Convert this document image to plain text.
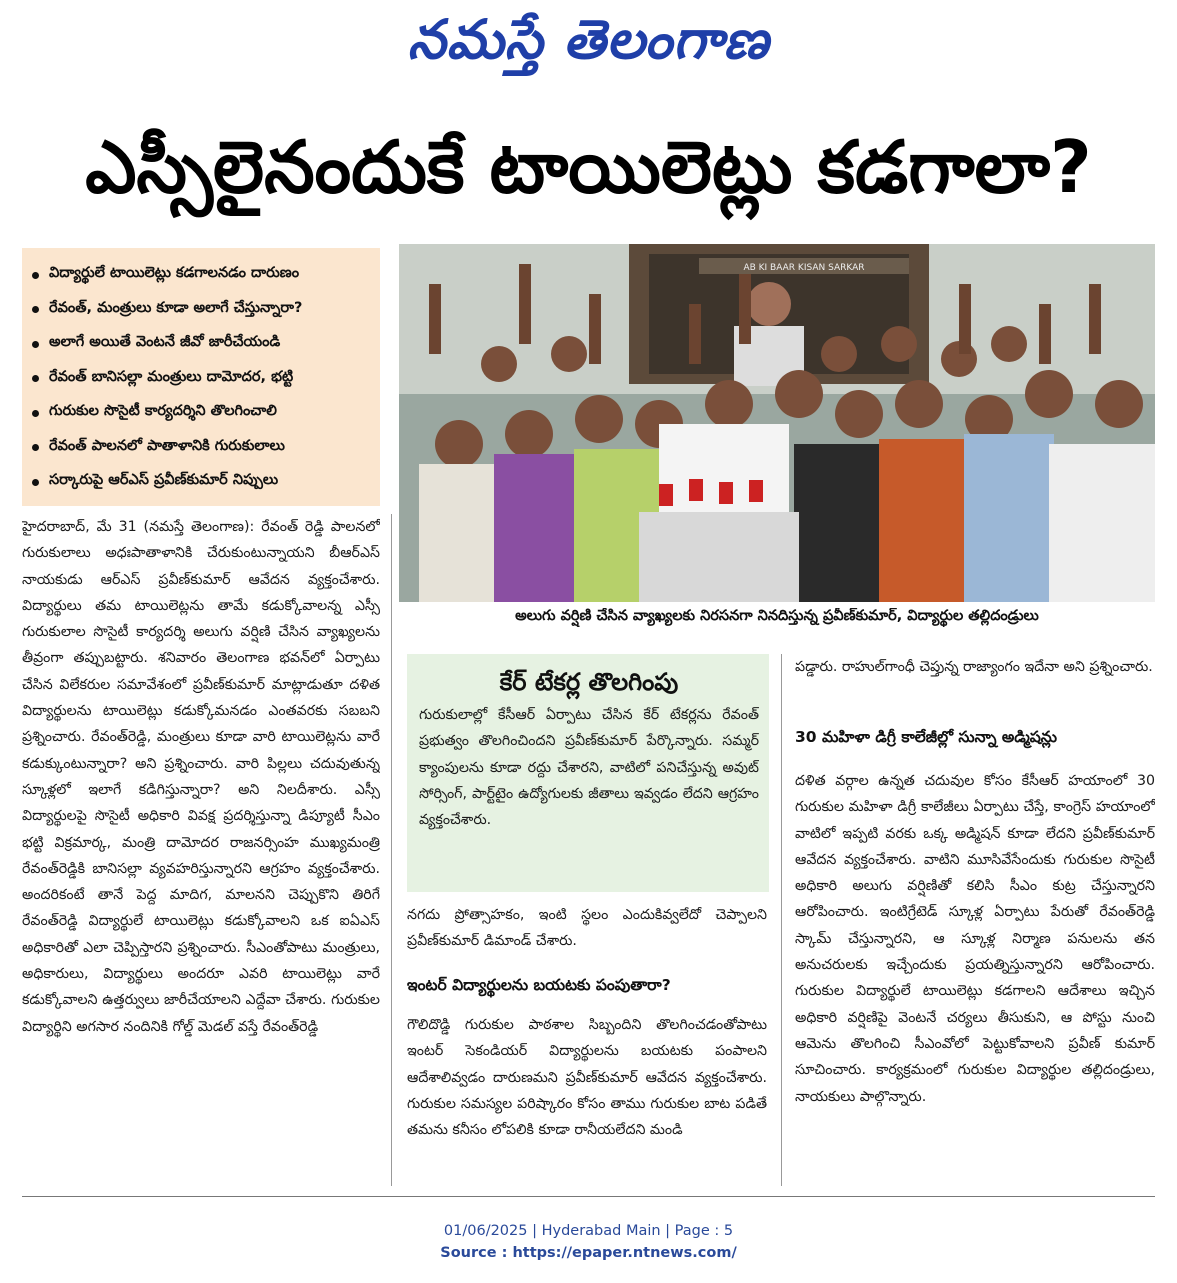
నమస్తే తెలంగాణ
ఎస్సీలైనందుకే టాయిలెట్లు కడగాలా?
విద్యార్థులే టాయిలెట్లు కడగాలనడం దారుణం
రేవంత్, మంత్రులు కూడా అలాగే చేస్తున్నారా?
అలాగే అయితే వెంటనే జీవో జారీచేయండి
రేవంత్ బానిసల్లా మంత్రులు దామోదర, భట్టి
గురుకుల సొసైటీ కార్యదర్శిని తొలగించాలి
రేవంత్ పాలనలో పాతాళానికి గురుకులాలు
సర్కారుపై ఆర్ఎస్ ప్రవీణ్‌కుమార్ నిప్పులు
AB KI BAAR KISAN SARKAR
అలుగు వర్షిణి చేసిన వ్యాఖ్యలకు నిరసనగా నినదిస్తున్న ప్రవీణ్‌కుమార్, విద్యార్థుల తల్లిదండ్రులు
హైదరాబాద్, మే 31 (నమస్తే తెలంగాణ): రేవంత్ రెడ్డి పాలనలో గురుకులాలు అధఃపాతాళానికి చేరుకుంటున్నాయని బీఆర్ఎస్ నాయకుడు ఆర్ఎస్ ప్రవీణ్‌కుమార్ ఆవేదన వ్యక్తంచేశారు. విద్యార్థులు తమ టాయిలెట్లను తామే కడుక్కోవాలన్న ఎస్సీ గురుకులాల సొసైటీ కార్యదర్శి అలుగు వర్షిణి చేసిన వ్యాఖ్యలను తీవ్రంగా తప్పుబట్టారు. శనివారం తెలంగాణ భవన్‌లో ఏర్పాటు చేసిన విలేకరుల సమావేశంలో ప్రవీణ్‌కుమార్ మాట్లాడుతూ దళిత విద్యార్థులను టాయిలెట్లు కడుక్కోమనడం ఎంతవరకు సబబని ప్రశ్నించారు. రేవంత్‌రెడ్డి, మంత్రులు కూడా వారి టాయిలెట్లను వారే కడుక్కుంటున్నారా? అని ప్రశ్నించారు. వారి పిల్లలు చదువుతున్న స్కూళ్లలో ఇలాగే కడిగిస్తున్నారా? అని నిలదీశారు. ఎస్సీ విద్యార్థులపై సొసైటీ అధికారి వివక్ష ప్రదర్శిస్తున్నా డిప్యూటీ సీఎం భట్టి విక్రమార్క, మంత్రి దామోదర రాజనర్సింహ ముఖ్యమంత్రి రేవంత్‌రెడ్డికి బానిసల్లా వ్యవహరిస్తున్నారని ఆగ్రహం వ్యక్తంచేశారు. అందరికంటే తానే పెద్ద మాదిగ, మాలనని చెప్పుకొని తిరిగే రేవంత్‌రెడ్డి విద్యార్థులే టాయిలెట్లు కడుక్కోవాలని ఒక ఐఏఎస్ అధికారితో ఎలా చెప్పిస్తారని ప్రశ్నించారు. సీఎంతోపాటు మంత్రులు, అధికారులు, విద్యార్థులు అందరూ ఎవరి టాయిలెట్లు వారే కడుక్కోవాలని ఉత్తర్వులు జారీచేయాలని ఎద్దేవా చేశారు. గురుకుల విద్యార్థిని అగసార నందినికి గోల్డ్ మెడల్ వస్తే రేవంత్‌రెడ్డి
కేర్ టేకర్ల తొలగింపు
గురుకులాల్లో కేసీఆర్ ఏర్పాటు చేసిన కేర్ టేకర్లను రేవంత్ ప్రభుత్వం తొలగించిందని ప్రవీణ్‌కుమార్ పేర్కొన్నారు. సమ్మర్ క్యాంపులను కూడా రద్దు చేశారని, వాటిలో పనిచేస్తున్న అవుట్ సోర్సింగ్, పార్ట్‌టైం ఉద్యోగులకు జీతాలు ఇవ్వడం లేదని ఆగ్రహం వ్యక్తంచేశారు.
నగదు ప్రోత్సాహకం, ఇంటి స్థలం ఎందుకివ్వలేదో చెప్పాలని ప్రవీణ్‌కుమార్ డిమాండ్ చేశారు.
ఇంటర్ విద్యార్థులను బయటకు పంపుతారా?
గౌలిదొడ్డి గురుకుల పాఠశాల సిబ్బందిని తొలగించడంతోపాటు ఇంటర్ సెకండియర్ విద్యార్థులను బయటకు పంపాలని ఆదేశాలివ్వడం దారుణమని ప్రవీణ్‌కుమార్ ఆవేదన వ్యక్తంచేశారు. గురుకుల సమస్యల పరిష్కారం కోసం తాము గురుకుల బాట పడితే తమను కనీసం లోపలికి కూడా రానీయలేదని మండి
పడ్డారు. రాహుల్‌గాంధీ చెప్తున్న రాజ్యాంగం ఇదేనా అని ప్రశ్నించారు.
30 మహిళా డిగ్రీ కాలేజీల్లో సున్నా అడ్మిషన్లు
దళిత వర్గాల ఉన్నత చదువుల కోసం కేసీఆర్ హయాంలో 30 గురుకుల మహిళా డిగ్రీ కాలేజీలు ఏర్పాటు చేస్తే, కాంగ్రెస్ హయాంలో వాటిలో ఇప్పటి వరకు ఒక్క అడ్మిషన్ కూడా లేదని ప్రవీణ్‌కుమార్ ఆవేదన వ్యక్తంచేశారు. వాటిని మూసివేసేందుకు గురుకుల సొసైటీ అధికారి అలుగు వర్షిణితో కలిసి సీఎం కుట్ర చేస్తున్నారని ఆరోపించారు. ఇంటిగ్రేటెడ్ స్కూళ్ల ఏర్పాటు పేరుతో రేవంత్‌రెడ్డి స్కామ్ చేస్తున్నారని, ఆ స్కూళ్ల నిర్మాణ పనులను తన అనుచరులకు ఇచ్చేందుకు ప్రయత్నిస్తున్నారని ఆరోపించారు. గురుకుల విద్యార్థులే టాయిలెట్లు కడగాలని ఆదేశాలు ఇచ్చిన అధికారి వర్షిణిపై వెంటనే చర్యలు తీసుకుని, ఆ పోస్టు నుంచి ఆమెను తొలగించి సీఎంవోలో పెట్టుకోవాలని ప్రవీణ్ కుమార్ సూచించారు. కార్యక్రమంలో గురుకుల విద్యార్థుల తల్లిదండ్రులు, నాయకులు పాల్గొన్నారు.
01/06/2025 | Hyderabad Main | Page : 5
Source : https://epaper.ntnews.com/
